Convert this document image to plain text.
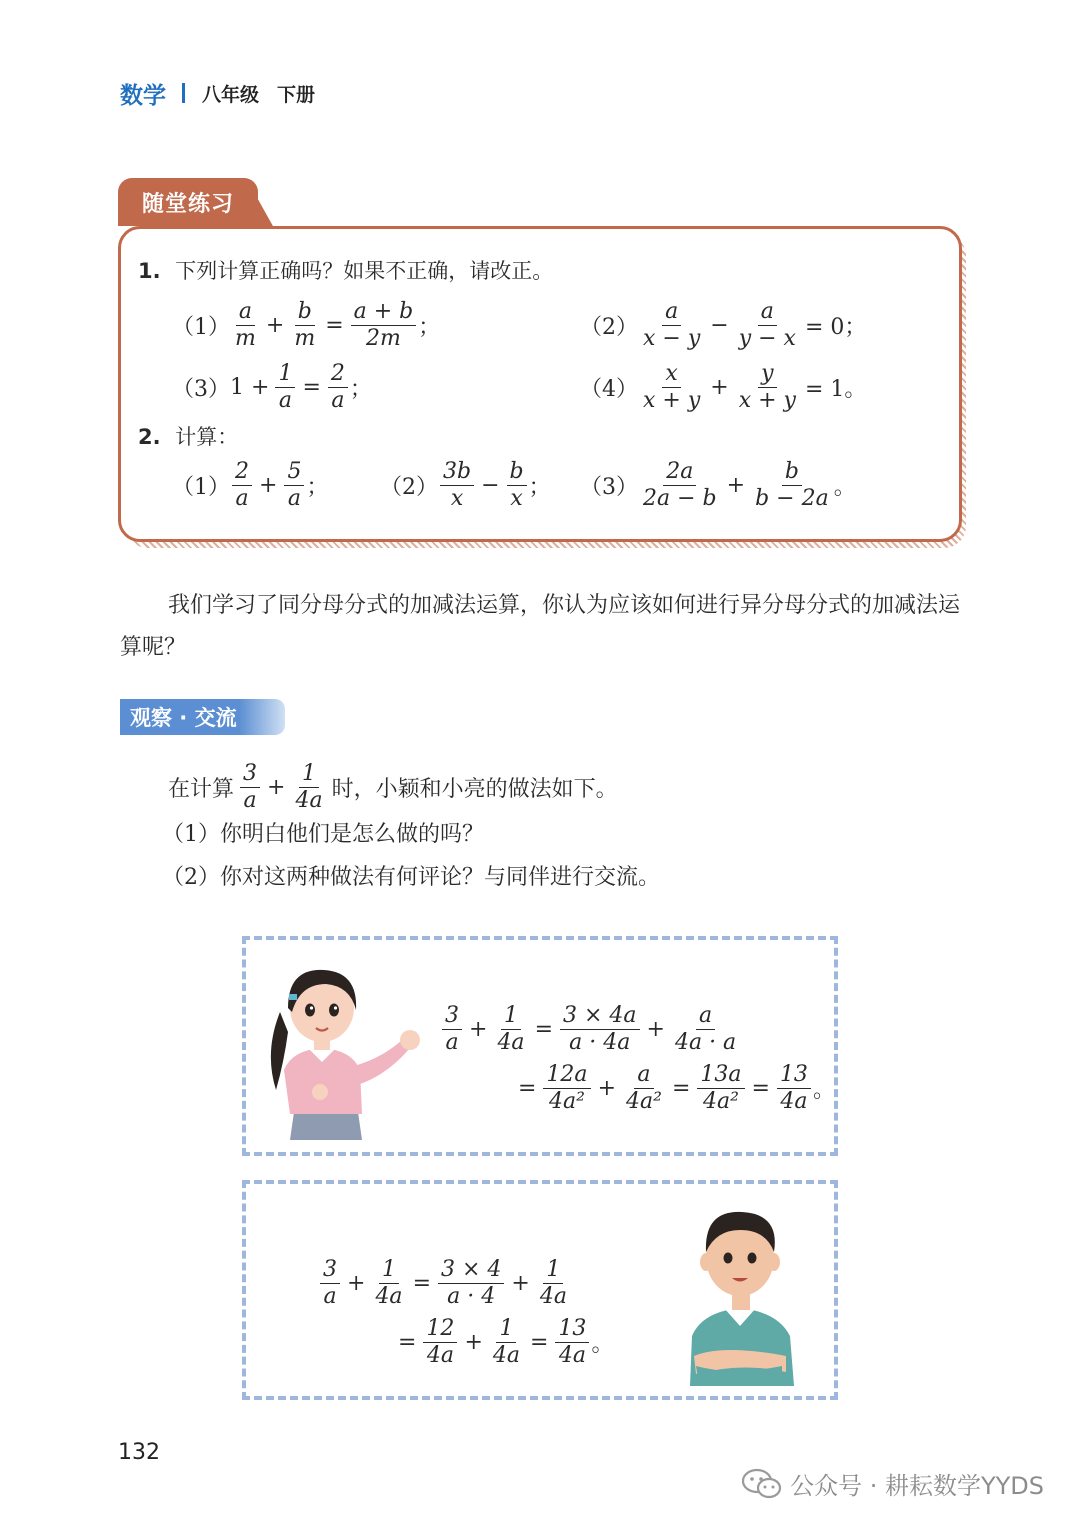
数学 八年级 下册
随堂练习
1. 下列计算正确吗？如果不正确，请改正。
$(1) \frac{a}{m} + \frac{b}{m} = \frac{a + b}{2m}$ ；	$(2) \frac{a}{x - y} - \frac{a}{y - x} = 0$；
（3） $1 + \frac{1}{a} = \frac{2}{a}$ ；	$(4) \frac{x}{x + y} + \frac{y}{x + y} = 1$。
2. 计算：
$(1) \frac{2}{a} + \frac{5}{a}$ ； $(2) \frac{3b}{x} - \frac{b}{x}$ ； $(3) \frac{2a}{2a - b} + \frac{b}{b - 2a}$ 。

我们学习了同分母分式的加减法运算，你认为应该如何进行异分母分式的加减法运算呢？

观察 · 交流
在计算 $\frac{3}{a} + \frac{1}{4a}$ 时，小颖和小亮的做法如下。
（1）你明白他们是怎么做的吗？
（2）你对这两种做法有何评论？与同伴进行交流。
$\frac{3}{a} + \frac{1}{4a} = \frac{3 \times 4a}{a \cdot 4a} + \frac{a}{4a \cdot a}$
= $\frac{12a}{\text{4a²}} + \frac{a}{\text{4a²}} = \frac{13a}{\text{4a²}} = \frac{13}{4a}$ 。
$\frac{3}{a} + \frac{1}{4a} = \frac{3 \times 4}{a \cdot 4} + \frac{1}{4a}$
= $\frac{12}{4a} + \frac{1}{4a} = \frac{13}{4a}$ 。
132
公众号 · 耕耘数学YYDS
